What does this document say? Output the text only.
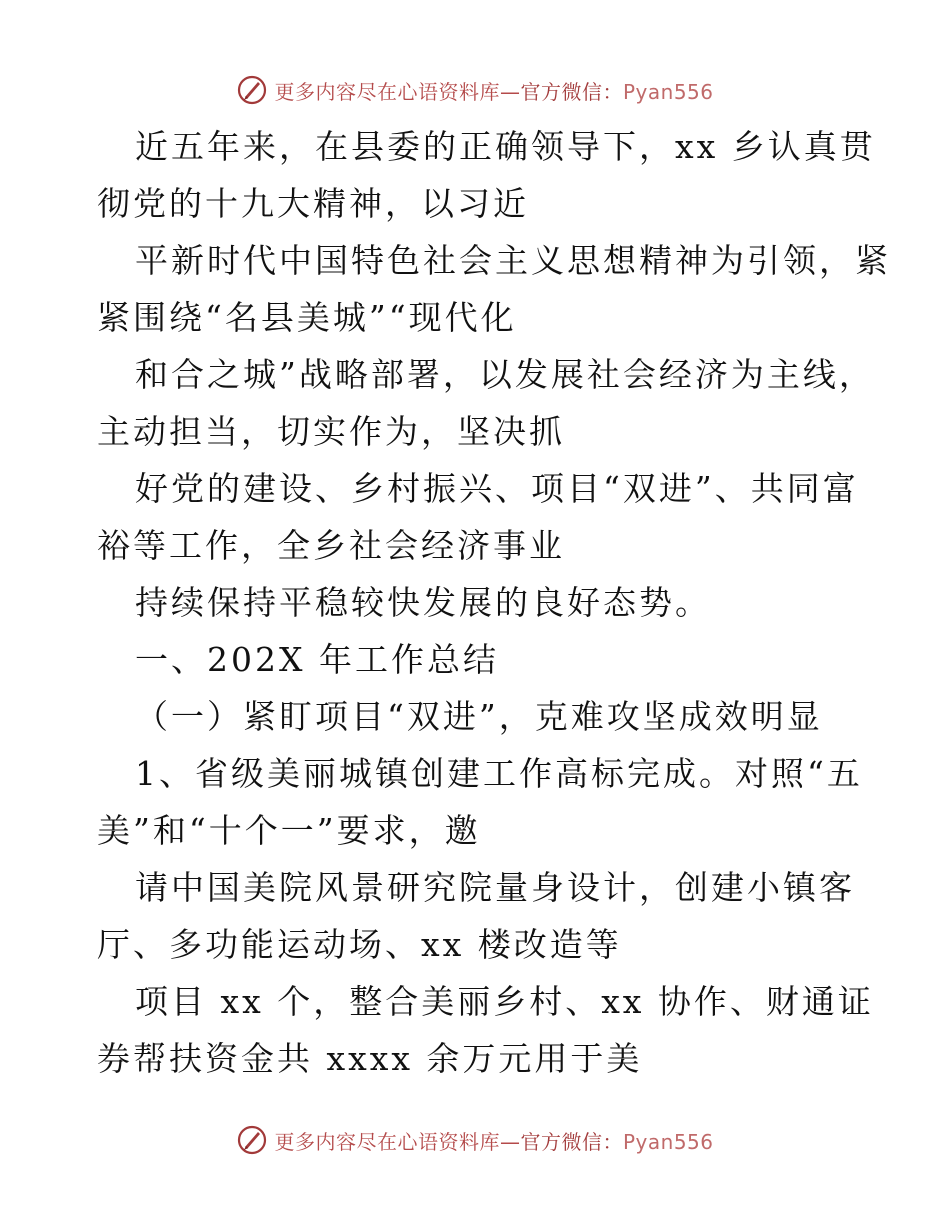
更多内容尽在心语资料库—官方微信：Pyan556
近五年来，在县委的正确领导下，xx 乡认真贯
彻党的十九大精神，以习近
平新时代中国特色社会主义思想精神为引领，紧
紧围绕“名县美城”“现代化
和合之城”战略部署，以发展社会经济为主线，
主动担当，切实作为，坚决抓
好党的建设、乡村振兴、项目“双进”、共同富
裕等工作，全乡社会经济事业
持续保持平稳较快发展的良好态势。
一、202X 年工作总结
（一）紧盯项目“双进”，克难攻坚成效明显
1、省级美丽城镇创建工作高标完成。对照“五
美”和“十个一”要求，邀
请中国美院风景研究院量身设计，创建小镇客
厅、多功能运动场、xx 楼改造等
项目 xx 个，整合美丽乡村、xx 协作、财通证
券帮扶资金共 xxxx 余万元用于美
更多内容尽在心语资料库—官方微信：Pyan556
